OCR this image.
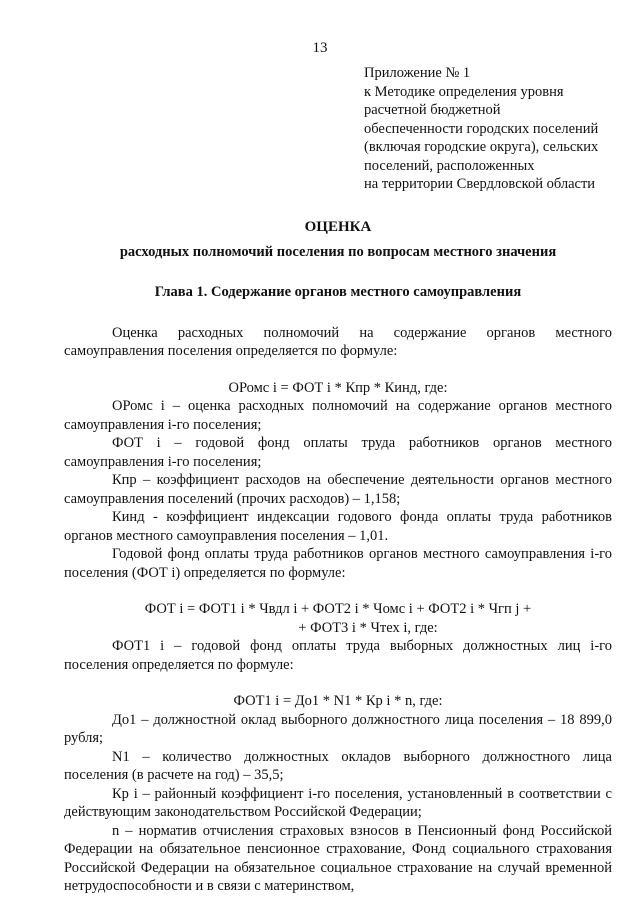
13
Приложение № 1
к Методике определения уровня
расчетной бюджетной
обеспеченности городских поселений
(включая городские округа), сельских
поселений, расположенных
на территории Свердловской области
ОЦЕНКА
расходных полномочий поселения по вопросам местного значения
Глава 1. Содержание органов местного самоуправления

Оценка расходных полномочий на содержание органов местного самоуправления поселения определяется по формуле:

ОРомс i = ФОТ i * Кпр * Кинд, где:

ОРомс i – оценка расходных полномочий на содержание органов местного самоуправления i-го поселения;

ФОТ i – годовой фонд оплаты труда работников органов местного самоуправления i-го поселения;

Кпр – коэффициент расходов на обеспечение деятельности органов местного самоуправления поселений (прочих расходов) – 1,158;

Кинд - коэффициент индексации годового фонда оплаты труда работников органов местного самоуправления поселения – 1,01.

Годовой фонд оплаты труда работников органов местного самоуправления i-го поселения (ФОТ i) определяется по формуле:

ФОТ i = ФОТ1 i * Чвдл i + ФОТ2 i * Чомс i + ФОТ2 i * Чгп j +
+ ФОТ3 i * Чтех i, где:

ФОТ1 i – годовой фонд оплаты труда выборных должностных лиц i-го поселения определяется по формуле:

ФОТ1 i = До1 * N1 * Кр i * n, где:

До1 – должностной оклад выборного должностного лица поселения – 18 899,0 рубля;

N1 – количество должностных окладов выборного должностного лица поселения (в расчете на год) – 35,5;

Кр i – районный коэффициент i-го поселения, установленный в соответствии с действующим законодательством Российской Федерации;

n – норматив отчисления страховых взносов в Пенсионный фонд Российской Федерации на обязательное пенсионное страхование, Фонд социального страхования Российской Федерации на обязательное социальное страхование на случай временной нетрудоспособности и в связи с материнством,
